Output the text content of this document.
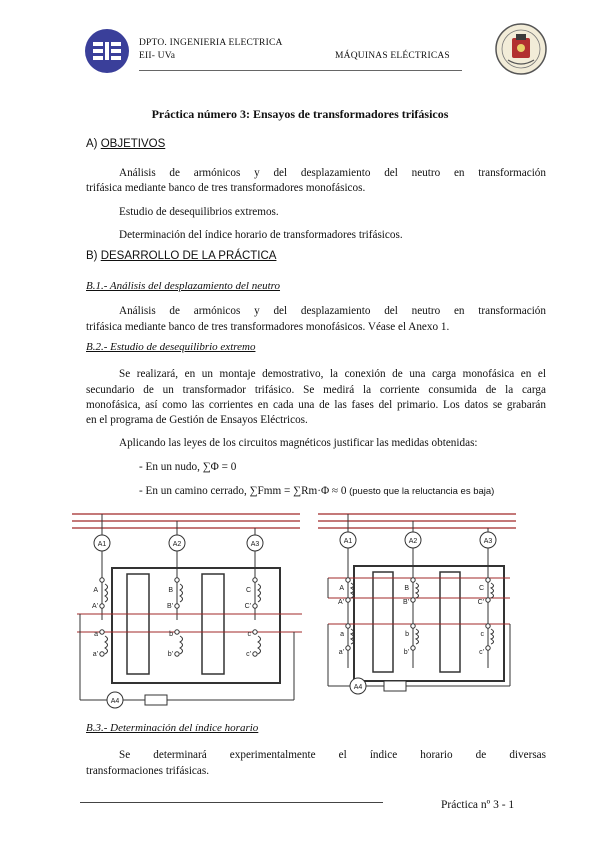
DPTO. INGENIERIA ELECTRICA
EII- UVa	MÁQUINAS ELÉCTRICAS
Práctica número 3: Ensayos de transformadores trifásicos
A) OBJETIVOS
Análisis de armónicos y del desplazamiento del neutro en transformación
trifásica mediante banco de tres transformadores monofásicos.
Estudio de desequilibrios extremos.
Determinación del índice horario de transformadores trifásicos.
B) DESARROLLO DE LA PRÁCTICA
B.1.- Análisis del desplazamiento del neutro
Análisis de armónicos y del desplazamiento del neutro en transformación
trifásica mediante banco de tres transformadores monofásicos. Véase el Anexo 1.
B.2.- Estudio de desequilibrio extremo
Se realizará, en un montaje demostrativo, la conexión de una carga monofásica en el
secundario de un transformador trifásico. Se medirá la corriente consumida de la carga
monofásica, así como las corrientes en cada una de las fases del primario. Los datos se grabarán
en el programa de Gestión de Ensayos Eléctricos.
Aplicando las leyes de los circuitos magnéticos justificar las medidas obtenidas:
- En un nudo, ∑Φ = 0
- En un camino cerrado, ∑Fmm = ∑Rm·Φ ≈ 0 (puesto que la reluctancia es baja)
A1	A2	A3
A4
A
A'
B
B'
C
C'
a
a'
b
b'
c
c'
A1	A2	A3
A4
A
A'
B
B'
C
C'
a
a'
b
b'
c
c'
B.3.- Determinación del índice horario
Se determinará experimentalmente el índice horario de diversas
transformaciones trifásicas.
Práctica nº 3 - 1
